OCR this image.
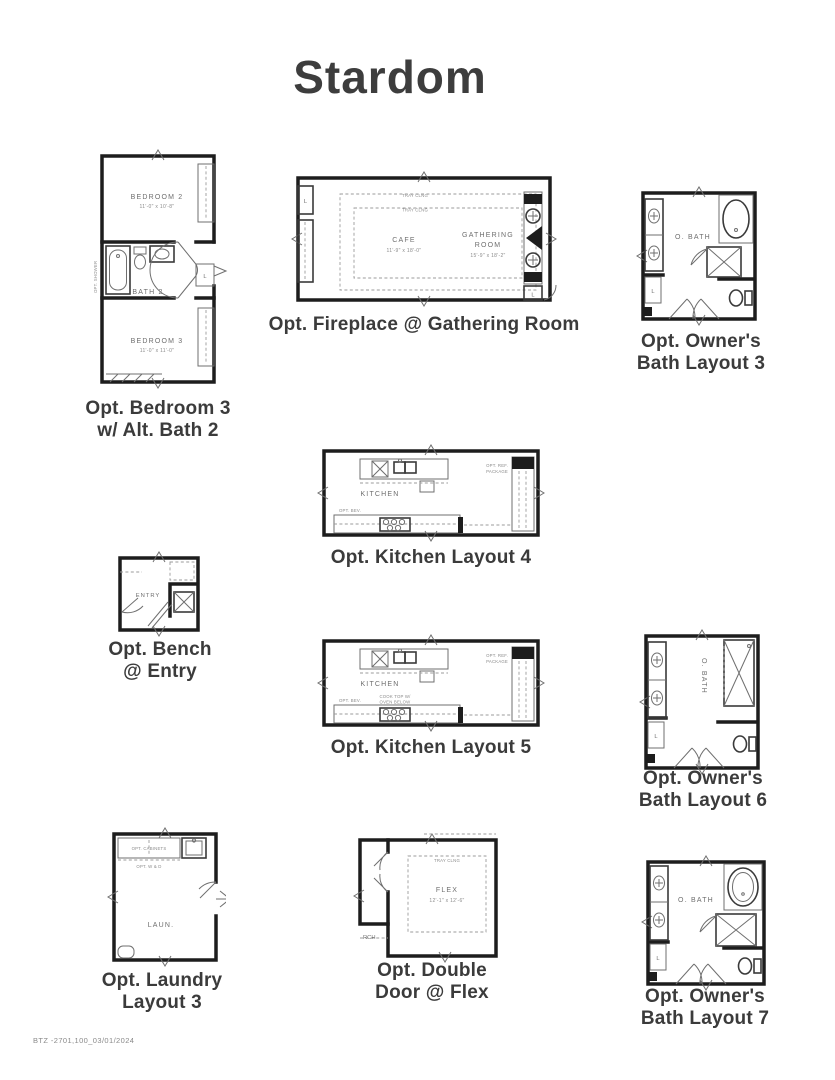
Stardom
L
BEDROOM 2
11'-0" x 10'-8"
BATH 2
BEDROOM 3
11'-0" x 11'-0"
OPT. SHOWER
Opt. Bedroom 3
w/ Alt. Bath 2
L
TRAY CLNG
TRAY CLNG
CAFE
11'-9" x 18'-0"
GATHERING
ROOM
15'-9" x 18'-2"
L
Opt. Fireplace @ Gathering Room
L
O. BATH
Opt. Owner's
Bath Layout 3
OPT. REF.
PACKAGE
OPT. BEV.
KITCHEN
Opt. Kitchen Layout 4
ENTRY
Opt. Bench
@ Entry
OPT. REF.
PACKAGE
OPT. BEV.
COOK TOP W/
OVEN BELOW
KITCHEN
Opt. Kitchen Layout 5	L
O. BATH
Opt. Owner's
Bath Layout 6
OPT. CABINETS
OPT. W & D
LAUN.
Opt. Laundry
Layout 3
TRAY CLNG
FLEX
12'-1" x 12'-6"
RCH
Opt. Double
Door @ Flex
L
O. BATH
Opt. Owner's
Bath Layout 7
BTZ -2701,100_03/01/2024
